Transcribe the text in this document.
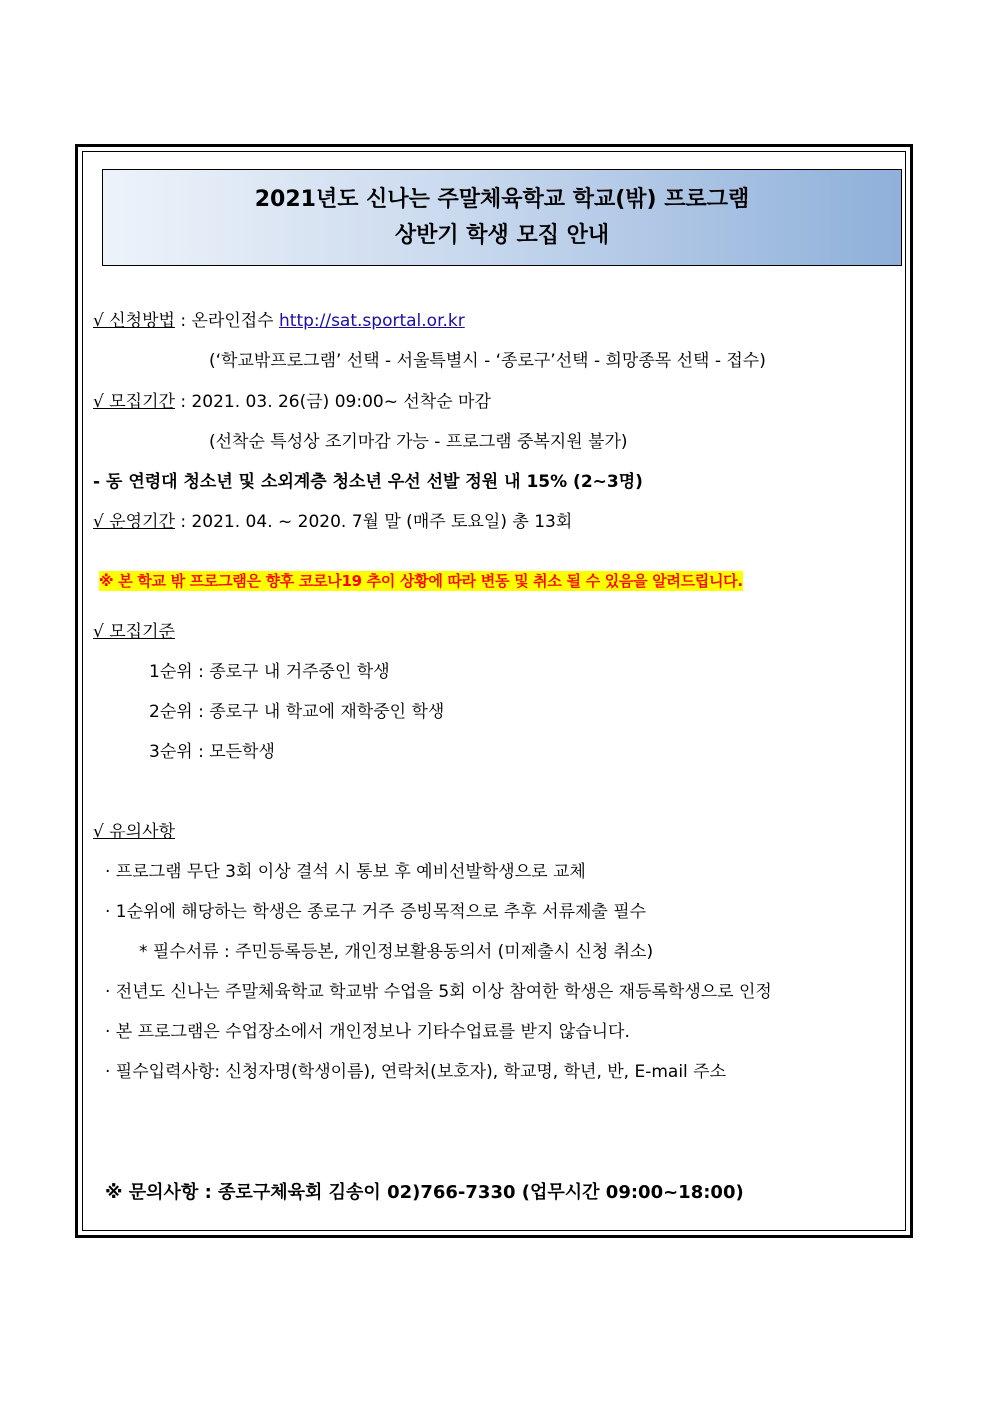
2021년도 신나는 주말체육학교 학교(밖) 프로그램
상반기 학생 모집 안내
√ 신청방법 : 온라인접수 http://sat.sportal.or.kr
(‘학교밖프로그램’ 선택 - 서울특별시 - ‘종로구’선택 - 희망종목 선택 - 접수)
√ 모집기간 : 2021. 03. 26(금) 09:00~ 선착순 마감
(선착순 특성상 조기마감 가능 - 프로그램 중복지원 불가)
- 동 연령대 청소년 및 소외계층 청소년 우선 선발 정원 내 15% (2~3명)
√ 운영기간 : 2021. 04. ~ 2020. 7월 말 (매주 토요일) 총 13회
※ 본 학교 밖 프로그램은 향후 코로나19 추이 상황에 따라 변동 및 취소 될 수 있음을 알려드립니다.
√ 모집기준
1순위 : 종로구 내 거주중인 학생
2순위 : 종로구 내 학교에 재학중인 학생
3순위 : 모든학생
√ 유의사항
· 프로그램 무단 3회 이상 결석 시 통보 후 예비선발학생으로 교체
· 1순위에 해당하는 학생은 종로구 거주 증빙목적으로 추후 서류제출 필수
* 필수서류 : 주민등록등본, 개인정보활용동의서 (미제출시 신청 취소)
· 전년도 신나는 주말체육학교 학교밖 수업을 5회 이상 참여한 학생은 재등록학생으로 인정
· 본 프로그램은 수업장소에서 개인정보나 기타수업료를 받지 않습니다.
· 필수입력사항: 신청자명(학생이름), 연락처(보호자), 학교명, 학년, 반, E-mail 주소
※ 문의사항 : 종로구체육회 김송이 02)766-7330 (업무시간 09:00~18:00)
